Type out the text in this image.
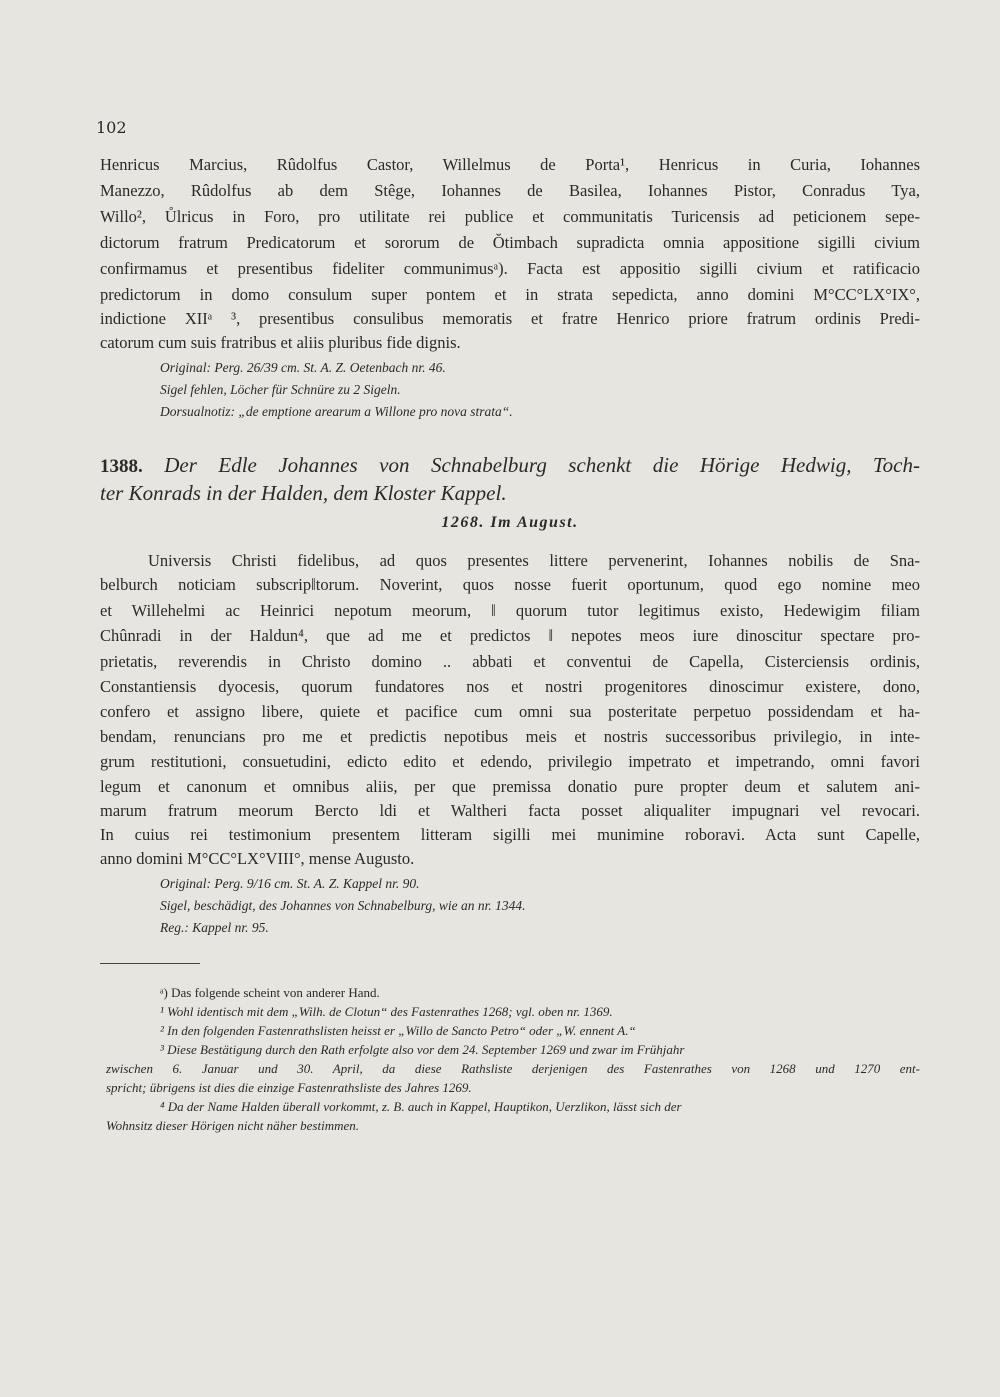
102
Henricus Marcius, Rûdolfus Castor, Willelmus de Porta¹, Henricus in Curia, Iohannes
Manezzo, Rûdolfus ab dem Stêge, Iohannes de Basilea, Iohannes Pistor, Conradus Tya,
Willo², Ůlricus in Foro, pro utilitate rei publice et communitatis Turicensis ad peticionem sepe-
dictorum fratrum Predicatorum et sororum de Ŏtimbach supradicta omnia appositione sigilli civium
confirmamus et presentibus fideliter communimusᵃ). Facta est appositio sigilli civium et ratificacio
predictorum in domo consulum super pontem et in strata sepedicta, anno domini M°CC°LX°IX°,
indictione XIIᵃ ³, presentibus consulibus memoratis et fratre Henrico priore fratrum ordinis Predi-
catorum cum suis fratribus et aliis pluribus fide dignis.
Original: Perg. 26/39 cm. St. A. Z. Oetenbach nr. 46.
Sigel fehlen, Löcher für Schnüre zu 2 Sigeln.
Dorsualnotiz: „de emptione arearum a Willone pro nova strata“.
1388. Der Edle Johannes von Schnabelburg schenkt die Hörige Hedwig, Toch-
ter Konrads in der Halden, dem Kloster Kappel.
1268. Im August.
Universis Christi fidelibus, ad quos presentes littere pervenerint, Iohannes nobilis de Sna-
belburch noticiam subscrip‖torum. Noverint, quos nosse fuerit oportunum, quod ego nomine meo
et Willehelmi ac Heinrici nepotum meorum, ‖ quorum tutor legitimus existo, Hedewigim filiam
Chûnradi in der Haldun⁴, que ad me et predictos ‖ nepotes meos iure dinoscitur spectare pro-
prietatis, reverendis in Christo domino .. abbati et conventui de Capella, Cisterciensis ordinis,
Constantiensis dyocesis, quorum fundatores nos et nostri progenitores dinoscimur existere, dono,
confero et assigno libere, quiete et pacifice cum omni sua posteritate perpetuo possidendam et ha-
bendam, renuncians pro me et predictis nepotibus meis et nostris successoribus privilegio, in inte-
grum restitutioni, consuetudini, edicto edito et edendo, privilegio impetrato et impetrando, omni favori
legum et canonum et omnibus aliis, per que premissa donatio pure propter deum et salutem ani-
marum fratrum meorum Bercto ldi et Waltheri facta posset aliqualiter impugnari vel revocari.
In cuius rei testimonium presentem litteram sigilli mei munimine roboravi. Acta sunt Capelle,
anno domini M°CC°LX°VIII°, mense Augusto.
Original: Perg. 9/16 cm. St. A. Z. Kappel nr. 90.
Sigel, beschädigt, des Johannes von Schnabelburg, wie an nr. 1344.
Reg.: Kappel nr. 95.
ᵃ) Das folgende scheint von anderer Hand.
¹ Wohl identisch mit dem „Wilh. de Clotun“ des Fastenrathes 1268; vgl. oben nr. 1369.
² In den folgenden Fastenrathslisten heisst er „Willo de Sancto Petro“ oder „W. ennent A.“
³ Diese Bestätigung durch den Rath erfolgte also vor dem 24. September 1269 und zwar im Frühjahr
zwischen 6. Januar und 30. April, da diese Rathsliste derjenigen des Fastenrathes von 1268 und 1270 ent-
spricht; übrigens ist dies die einzige Fastenrathsliste des Jahres 1269.
⁴ Da der Name Halden überall vorkommt, z. B. auch in Kappel, Hauptikon, Uerzlikon, lässt sich der
Wohnsitz dieser Hörigen nicht näher bestimmen.
